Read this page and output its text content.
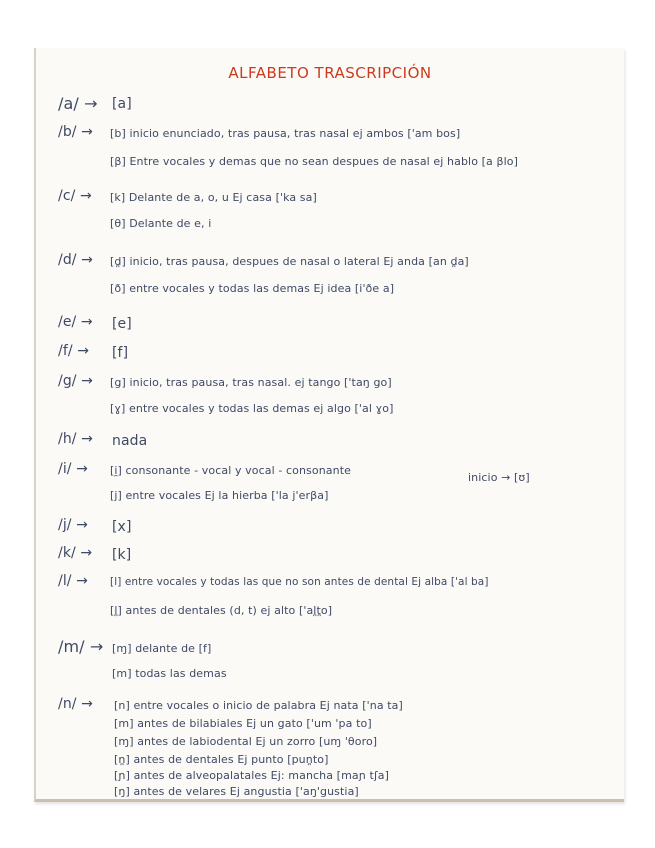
ALFABETO TRASCRIPCIÓN
/a/ → [a]
/b/ → [b] inicio enunciado, tras pausa, tras nasal ej ambos ['am bos]
[β] Entre vocales y demas que no sean despues de nasal ej hablo [a βlo]
/c/ → [k] Delante de a, o, u Ej casa ['ka sa]
[θ] Delante de e, i
/d/ → [d̪] inicio, tras pausa, despues de nasal o lateral Ej anda [an d̪a]
[ð] entre vocales y todas las demas Ej idea [i'ðe a]
/e/ → [e]
/f/ → [f]
/g/ → [g] inicio, tras pausa, tras nasal. ej tango ['taŋ go]
[ɣ] entre vocales y todas las demas ej algo ['al ɣo]
/h/ → nada
/i/ → [i̯] consonante - vocal y vocal - consonante
inicio → [ʊ]
[j] entre vocales Ej la hierba ['la j'erβa]
/j/ → [x]
/k/ → [k]
/l/ → [l] entre vocales y todas las que no son antes de dental Ej alba ['al ba]
[l̪] antes de dentales (d, t) ej alto ['al̪t̪o]
/m/ → [ɱ] delante de [f]
[m] todas las demas
/n/ → [n] entre vocales o inicio de palabra Ej nata ['na ta]
[m] antes de bilabiales Ej un gato ['um 'pa to]
[ɱ] antes de labiodental Ej un zorro [uɱ 'θoro]
[n̪] antes de dentales Ej punto [pun̪to]
[ɲ] antes de alveopalatales Ej: mancha [maɲ tʃa]
[ŋ] antes de velares Ej angustia ['aŋ'gustia]
